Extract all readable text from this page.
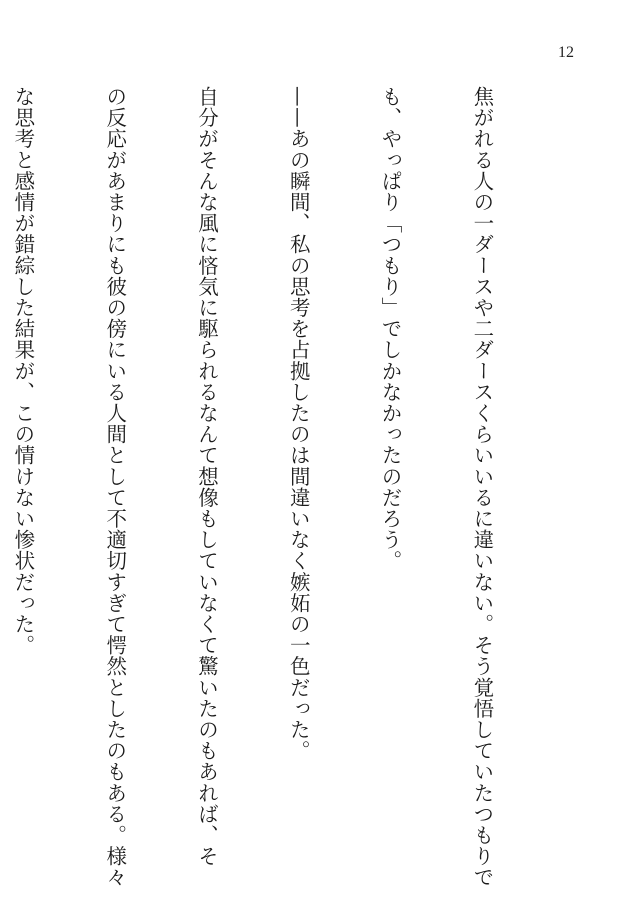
12

焦がれる人の一ダースや二ダースくらいいるに違いない。そう覚悟していたつもりで

も、やっぱり「つもり」でしかなかったのだろう。

——あの瞬間、私の思考を占拠したのは間違いなく嫉妬の一色だった。

自分がそんな風に悋気に駆られるなんて想像もしていなくて驚いたのもあれば、そ

の反応があまりにも彼の傍にいる人間として不適切すぎて愕然としたのもある。様々

な思考と感情が錯綜した結果が、この情けない惨状だった。
